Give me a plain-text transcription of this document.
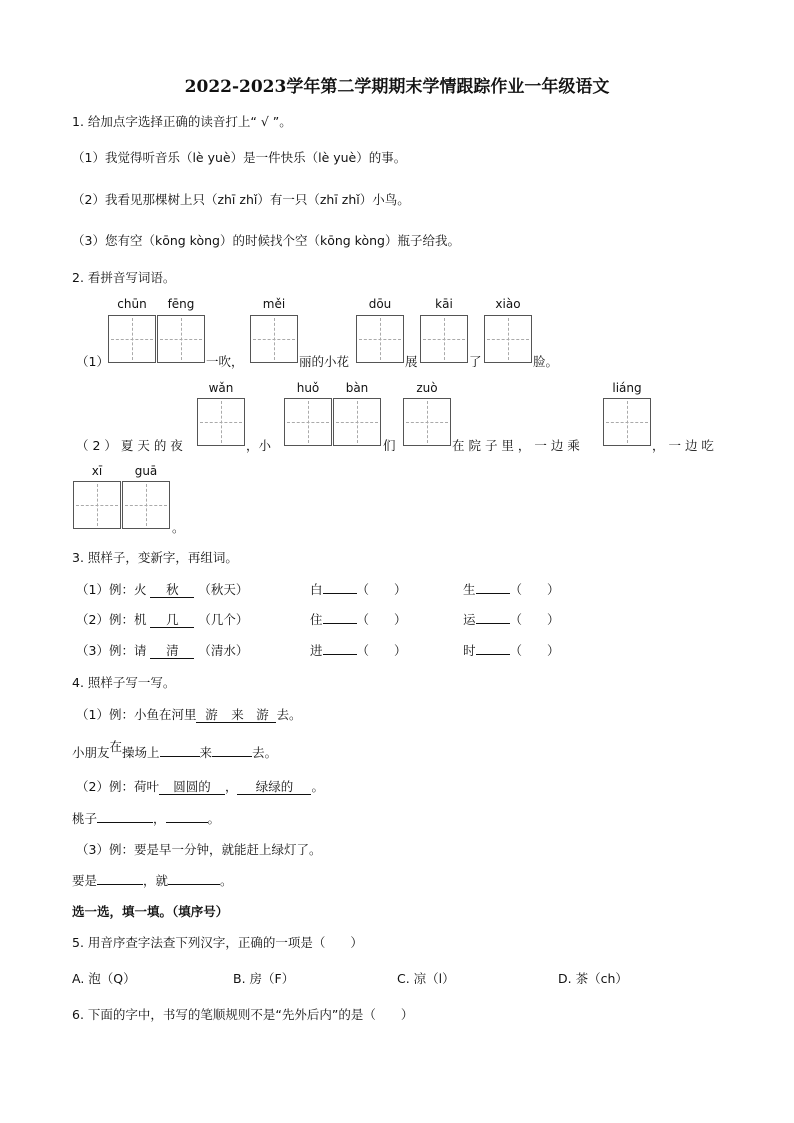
2022-2023学年第二学期期末学情跟踪作业一年级语文
1. 给加点字选择正确的读音打上“ √ ”。
（1）我觉得听音乐（lè yuè）是一件快乐（lè yuè）的事。
（2）我看见那棵树上只（zhī zhǐ）有一只（zhī zhǐ）小鸟。
（3）您有空（kōng kòng）的时候找个空（kōng kòng）瓶子给我。
2. 看拼音写词语。
chūn	fēng	měi	dōu	kāi	xiào
（1）	一吹，	丽的小花	展	了	脸。
wǎn	huǒ	bàn	zuò	liáng
（ 2 ） 夏 天 的 夜	，小	们	在 院 子 里 ， 一 边 乘	， 一 边 吃
xī	guā
。
3. 照样子，变新字，再组词。
（1）例：火 秋 （秋天）	白	（　　）	生	（　　）
（2）例：机 几 （几个）	住	（　　）	运	（　　）
（3）例：请 清 （清水）	进	（　　）	时	（　　）
4. 照样子写一写。
（1）例：小鱼在河里 游 来 游 去。
小朋友在操场上	来	去。
（2）例：荷叶 圆圆的 ， 绿绿的 。
桃子	，	。
（3）例：要是早一分钟，就能赶上绿灯了。
要是	，就	。
选一选，填一填。（填序号）
5. 用音序查字法查下列汉字，正确的一项是（　　）
A. 泡（Q）	B. 房（F）	C. 凉（l）	D. 茶（ch）
6. 下面的字中，书写的笔顺规则不是“先外后内”的是（　　）
